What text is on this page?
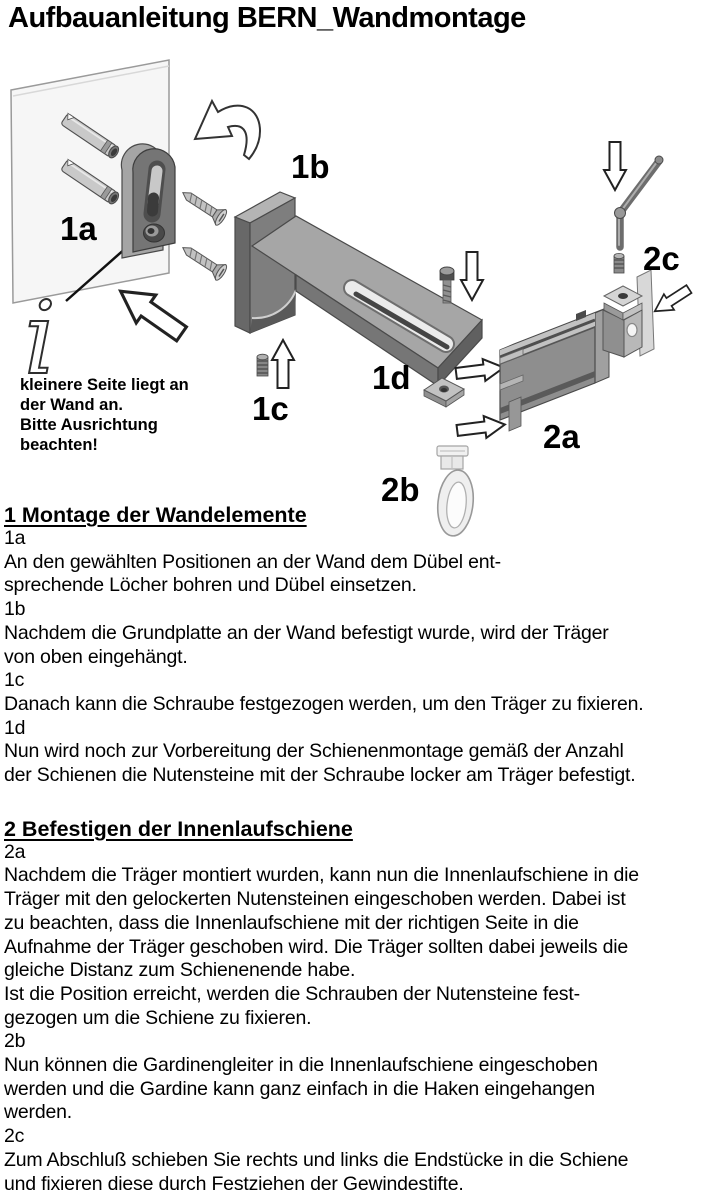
Aufbauanleitung BERN_Wandmontage
i
kleinere Seite liegt an
der Wand an.
Bitte Ausrichtung
beachten!
1a
1b
1c
1d
2a
2b
2c
1 Montage der Wandelemente
1a
An den gewählten Positionen an der Wand dem Dübel ent-
sprechende Löcher bohren und Dübel einsetzen.
1b
Nachdem die Grundplatte an der Wand befestigt wurde, wird der Träger
von oben eingehängt.
1c
Danach kann die Schraube festgezogen werden, um den Träger zu fixieren.
1d
Nun wird noch zur Vorbereitung der Schienenmontage gemäß der Anzahl
der Schienen die Nutensteine mit der Schraube locker am Träger befestigt.
2 Befestigen der Innenlaufschiene
2a
Nachdem die Träger montiert wurden, kann nun die Innenlaufschiene in die
Träger mit den gelockerten Nutensteinen eingeschoben werden. Dabei ist
zu beachten, dass die Innenlaufschiene mit der richtigen Seite in die
Aufnahme der Träger geschoben wird. Die Träger sollten dabei jeweils die
gleiche Distanz zum Schienenende habe.
Ist die Position erreicht, werden die Schrauben der Nutensteine fest-
gezogen um die Schiene zu fixieren.
2b
Nun können die Gardinengleiter in die Innenlaufschiene eingeschoben
werden und die Gardine kann ganz einfach in die Haken eingehangen
werden.
2c
Zum Abschluß schieben Sie rechts und links die Endstücke in die Schiene
und fixieren diese durch Festziehen der Gewindestifte.
